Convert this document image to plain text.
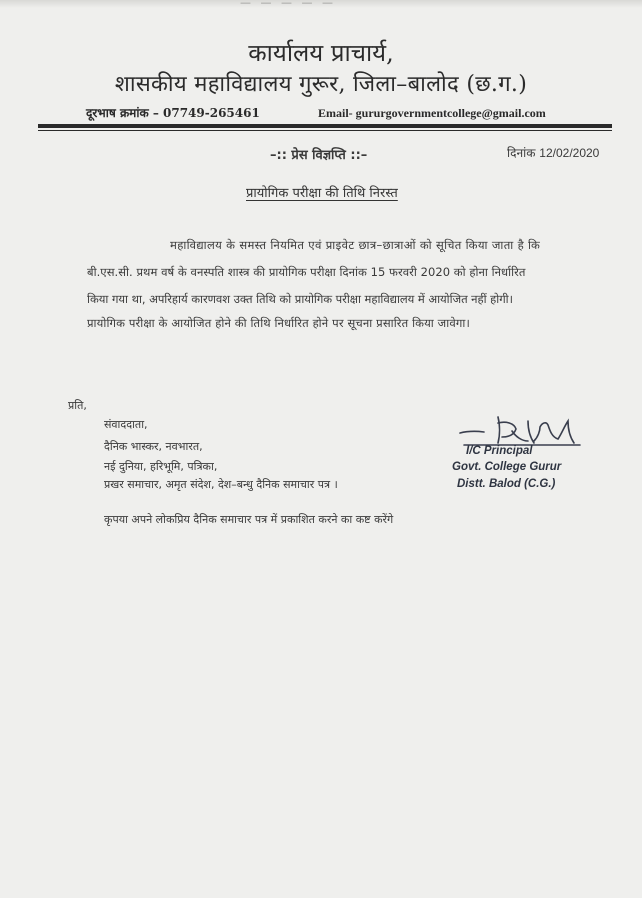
— — — — —
कार्यालय प्राचार्य,
शासकीय महाविद्यालय गुरूर, जिला–बालोद (छ.ग.)
दूरभाष क्रमांक – 07749-265461	Email- gururgovernmentcollege@gmail.com
–:: प्रेस विज्ञप्ति ::–	दिनांक 12/02/2020
प्रायोगिक परीक्षा की तिथि निरस्त
महाविद्यालय के समस्त नियमित एवं प्राइवेट छात्र–छात्राओं को सूचित किया जाता है कि
बी.एस.सी. प्रथम वर्ष के वनस्पति शास्त्र की प्रायोगिक परीक्षा दिनांक 15 फरवरी 2020 को होना निर्धारित
किया गया था, अपरिहार्य कारणवश उक्त तिथि को प्रायोगिक परीक्षा महाविद्यालय में आयोजित नहीं होगी।
प्रायोगिक परीक्षा के आयोजित होने की तिथि निर्धारित होने पर सूचना प्रसारित किया जावेगा।
प्रति,
संवाददाता,
दैनिक भास्कर, नवभारत,
नई दुनिया, हरिभूमि, पत्रिका,
प्रखर समाचार, अमृत संदेश, देश–बन्धु दैनिक समाचार पत्र ।
I/C Principal
Govt. College Gurur
Distt. Balod (C.G.)
कृपया अपने लोकप्रिय दैनिक समाचार पत्र में प्रकाशित करने का कष्ट करेंगे
